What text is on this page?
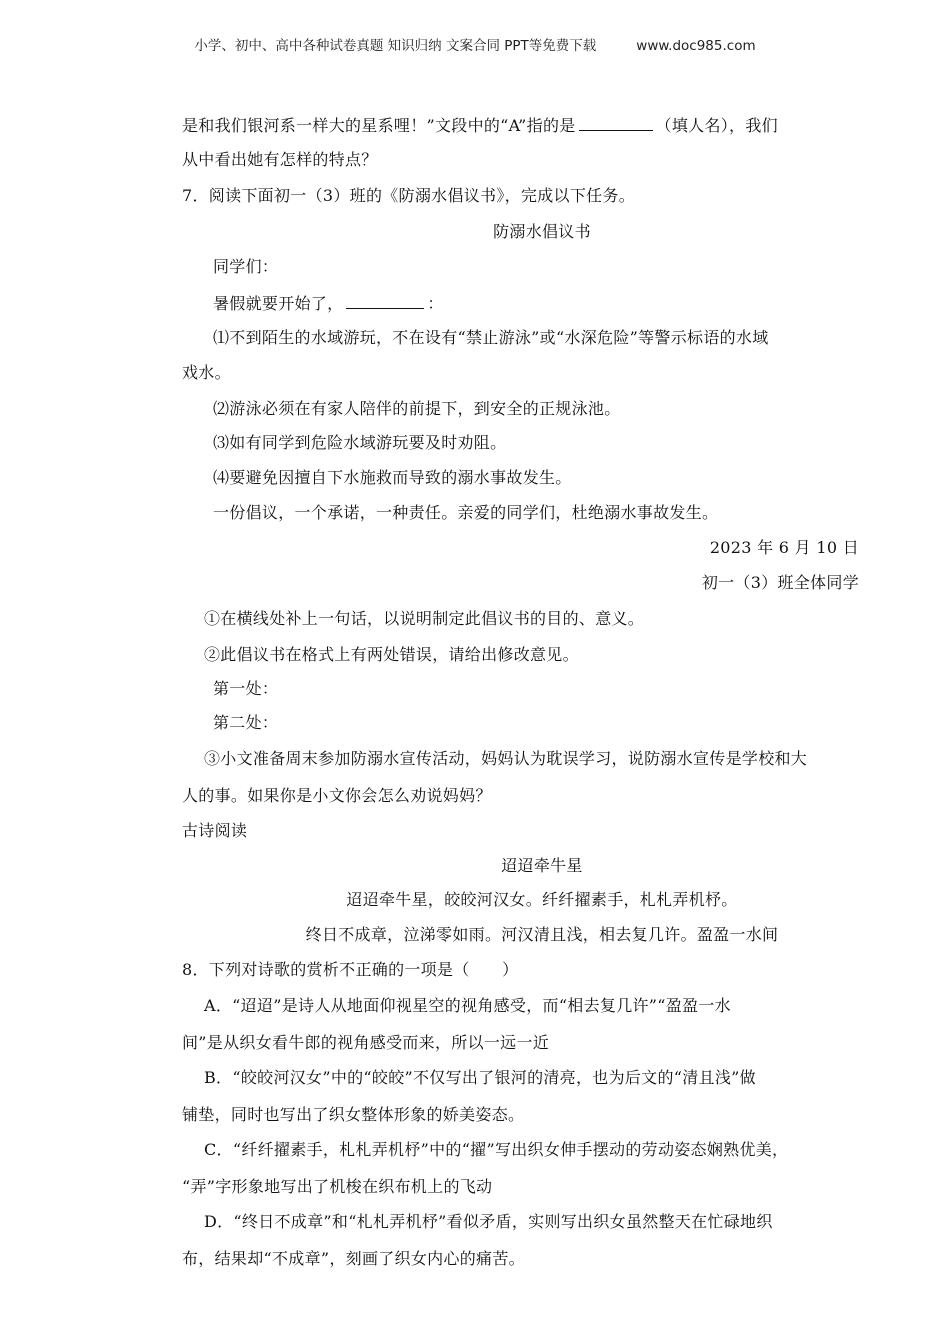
小学、初中、高中各种试卷真题 知识归纳 文案合同 PPT等免费下载	www.doc985.com
是和我们银河系一样大的星系哩！”文段中的“A”指的是	（填人名），我们
从中看出她有怎样的特点？
7．阅读下面初一（3）班的《防溺水倡议书》，完成以下任务。
防溺水倡议书
同学们：
暑假就要开始了，	：
⑴不到陌生的水域游玩，不在设有“禁止游泳”或“水深危险”等警示标语的水域
戏水。
⑵游泳必须在有家人陪伴的前提下，到安全的正规泳池。
⑶如有同学到危险水域游玩要及时劝阻。
⑷要避免因擅自下水施救而导致的溺水事故发生。
一份倡议，一个承诺，一种责任。亲爱的同学们，杜绝溺水事故发生。
2023 年 6 月 10 日
初一（3）班全体同学
①在横线处补上一句话，以说明制定此倡议书的目的、意义。
②此倡议书在格式上有两处错误，请给出修改意见。
第一处：
第二处：
③小文准备周末参加防溺水宣传活动，妈妈认为耽误学习，说防溺水宣传是学校和大
人的事。如果你是小文你会怎么劝说妈妈？
古诗阅读
迢迢牵牛星
迢迢牵牛星，皎皎河汉女。纤纤擢素手，札札弄机杼。
终日不成章，泣涕零如雨。河汉清且浅，相去复几许。盈盈一水间
8．下列对诗歌的赏析不正确的一项是（　　）
A．“迢迢”是诗人从地面仰视星空的视角感受，而“相去复几许”“盈盈一水
间”是从织女看牛郎的视角感受而来，所以一远一近
B．“皎皎河汉女”中的“皎皎”不仅写出了银河的清亮，也为后文的“清且浅”做
铺垫，同时也写出了织女整体形象的娇美姿态。
C．“纤纤擢素手，札札弄机杼”中的“擢”写出织女伸手摆动的劳动姿态娴熟优美，
“弄”字形象地写出了机梭在织布机上的飞动
D．“终日不成章”和“札札弄机杼”看似矛盾，实则写出织女虽然整天在忙碌地织
布，结果却“不成章”，刻画了织女内心的痛苦。
